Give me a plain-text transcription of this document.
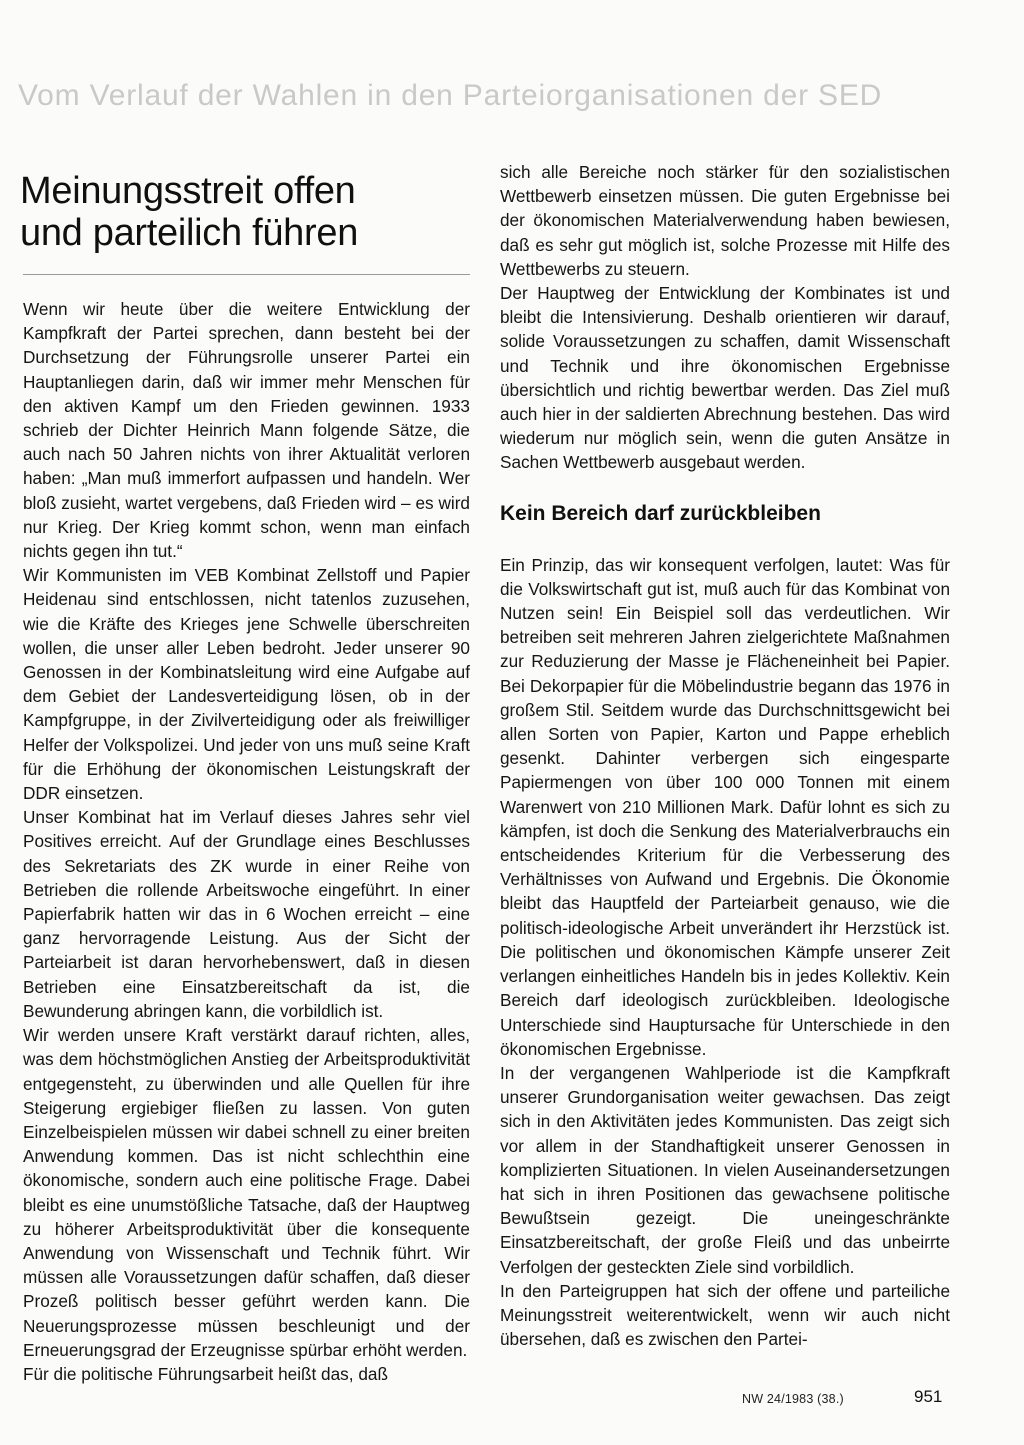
Vom Verlauf der Wahlen in den Parteiorganisationen der SED
Meinungsstreit offen
und parteilich führen

Wenn wir heute über die weitere Entwicklung der Kampfkraft der Partei sprechen, dann besteht bei der Durchsetzung der Führungsrolle unserer Partei ein Hauptanliegen darin, daß wir immer mehr Menschen für den aktiven Kampf um den Frieden gewinnen. 1933 schrieb der Dichter Heinrich Mann folgende Sätze, die auch nach 50 Jahren nichts von ihrer Aktualität verloren haben: „Man muß immerfort aufpassen und handeln. Wer bloß zusieht, wartet vergebens, daß Frieden wird – es wird nur Krieg. Der Krieg kommt schon, wenn man einfach nichts gegen ihn tut.“

Wir Kommunisten im VEB Kombinat Zellstoff und Papier Heidenau sind entschlossen, nicht tatenlos zuzusehen, wie die Kräfte des Krieges jene Schwelle überschreiten wollen, die unser aller Leben bedroht. Jeder unserer 90 Genossen in der Kombinatsleitung wird eine Aufgabe auf dem Gebiet der Landesverteidigung lösen, ob in der Kampfgruppe, in der Zivilverteidigung oder als freiwilliger Helfer der Volkspolizei. Und jeder von uns muß seine Kraft für die Erhöhung der ökonomischen Leistungskraft der DDR einsetzen.

Unser Kombinat hat im Verlauf dieses Jahres sehr viel Positives erreicht. Auf der Grundlage eines Beschlusses des Sekretariats des ZK wurde in einer Reihe von Betrieben die rollende Arbeitswoche eingeführt. In einer Papierfabrik hatten wir das in 6 Wochen erreicht – eine ganz hervorragende Leistung. Aus der Sicht der Parteiarbeit ist daran hervorhebenswert, daß in diesen Betrieben eine Einsatzbereitschaft da ist, die Bewunderung abringen kann, die vorbildlich ist.

Wir werden unsere Kraft verstärkt darauf richten, alles, was dem höchstmöglichen Anstieg der Arbeitsproduktivität entgegensteht, zu überwinden und alle Quellen für ihre Steigerung ergiebiger fließen zu lassen. Von guten Einzelbeispielen müssen wir dabei schnell zu einer breiten Anwendung kommen. Das ist nicht schlechthin eine ökonomische, sondern auch eine politische Frage. Dabei bleibt es eine unumstößliche Tatsache, daß der Hauptweg zu höherer Arbeitsproduktivität über die konsequente Anwendung von Wissenschaft und Technik führt. Wir müssen alle Voraussetzungen dafür schaffen, daß dieser Prozeß politisch besser geführt werden kann. Die Neuerungsprozesse müssen beschleunigt und der Erneuerungsgrad der Erzeugnisse spürbar erhöht werden.

Für die politische Führungsarbeit heißt das, daß

sich alle Bereiche noch stärker für den sozialistischen Wettbewerb einsetzen müssen. Die guten Ergebnisse bei der ökonomischen Materialverwendung haben bewiesen, daß es sehr gut möglich ist, solche Prozesse mit Hilfe des Wettbewerbs zu steuern.

Der Hauptweg der Entwicklung der Kombinates ist und bleibt die Intensivierung. Deshalb orientieren wir darauf, solide Voraussetzungen zu schaffen, damit Wissenschaft und Technik und ihre ökonomischen Ergebnisse übersichtlich und richtig bewertbar werden. Das Ziel muß auch hier in der saldierten Abrechnung bestehen. Das wird wiederum nur möglich sein, wenn die guten Ansätze in Sachen Wettbewerb ausgebaut werden.

Kein Bereich darf zurückbleiben

Ein Prinzip, das wir konsequent verfolgen, lautet: Was für die Volkswirtschaft gut ist, muß auch für das Kombinat von Nutzen sein! Ein Beispiel soll das verdeutlichen. Wir betreiben seit mehreren Jahren zielgerichtete Maßnahmen zur Reduzierung der Masse je Flächeneinheit bei Papier. Bei Dekorpapier für die Möbelindustrie begann das 1976 in großem Stil. Seitdem wurde das Durchschnittsgewicht bei allen Sorten von Papier, Karton und Pappe erheblich gesenkt. Dahinter verbergen sich eingesparte Papiermengen von über 100 000 Tonnen mit einem Warenwert von 210 Millionen Mark. Dafür lohnt es sich zu kämpfen, ist doch die Senkung des Materialverbrauchs ein entscheidendes Kriterium für die Verbesserung des Verhältnisses von Aufwand und Ergebnis. Die Ökonomie bleibt das Hauptfeld der Parteiarbeit genauso, wie die politisch-ideologische Arbeit unverändert ihr Herzstück ist. Die politischen und ökonomischen Kämpfe unserer Zeit verlangen einheitliches Handeln bis in jedes Kollektiv. Kein Bereich darf ideologisch zurückbleiben. Ideologische Unterschiede sind Hauptursache für Unterschiede in den ökonomischen Ergebnisse.

In der vergangenen Wahlperiode ist die Kampfkraft unserer Grundorganisation weiter gewachsen. Das zeigt sich in den Aktivitäten jedes Kommunisten. Das zeigt sich vor allem in der Standhaftigkeit unserer Genossen in komplizierten Situationen. In vielen Auseinandersetzungen hat sich in ihren Positionen das gewachsene politische Bewußtsein gezeigt. Die uneingeschränkte Einsatzbereitschaft, der große Fleiß und das unbeirrte Verfolgen der gesteckten Ziele sind vorbildlich.

In den Parteigruppen hat sich der offene und parteiliche Meinungsstreit weiterentwickelt, wenn wir auch nicht übersehen, daß es zwischen den Partei-

NW 24/1983 (38.)	951
